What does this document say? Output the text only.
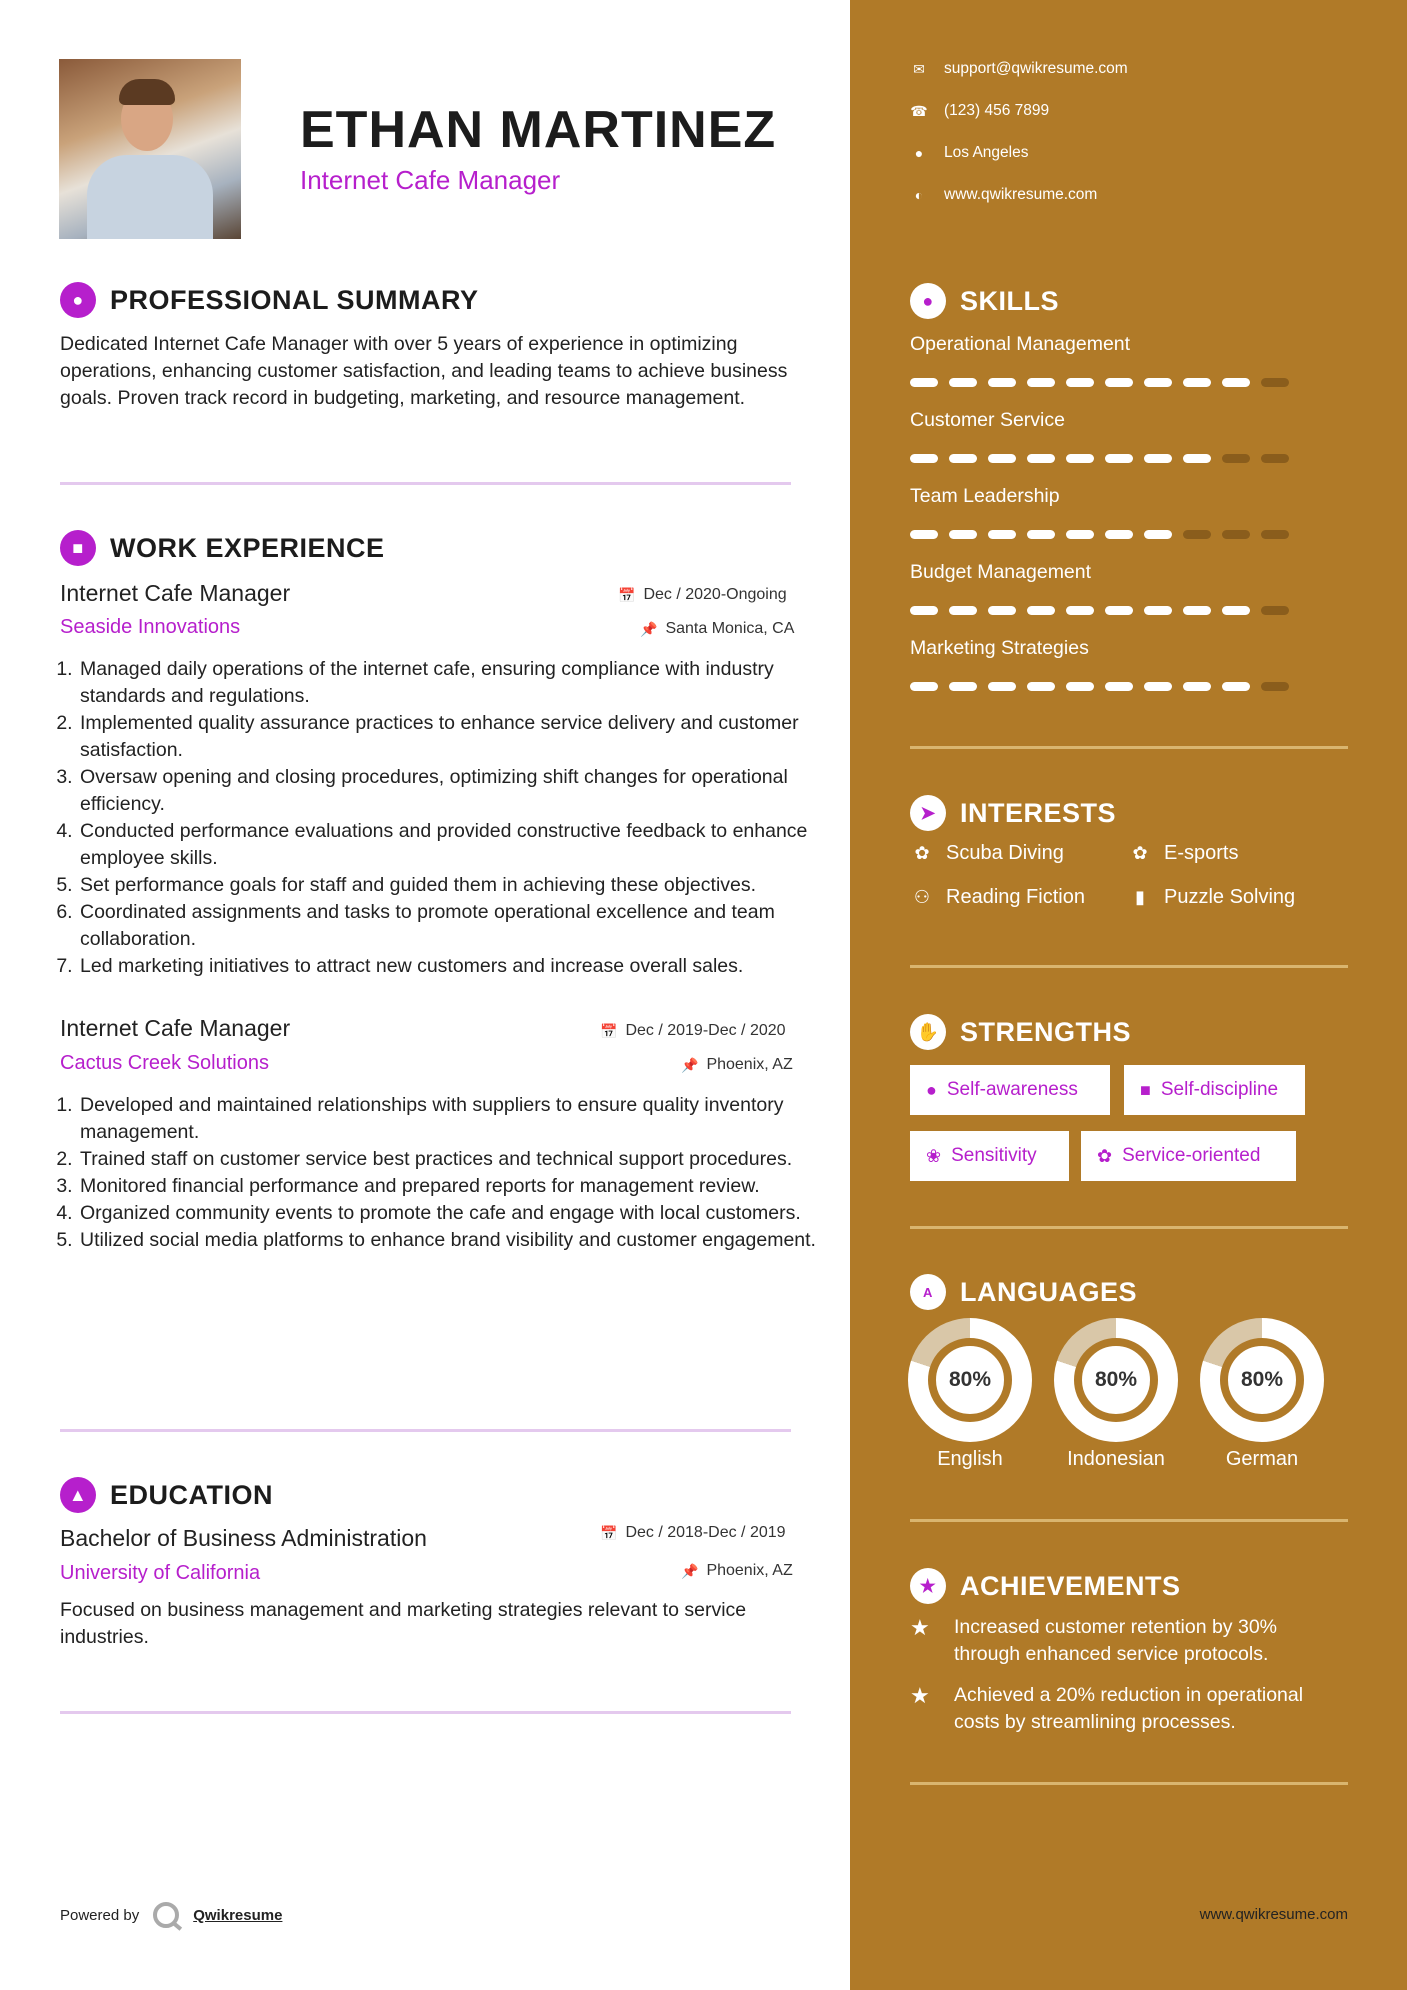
ETHAN MARTINEZ
Internet Cafe Manager
● PROFESSIONAL SUMMARY

Dedicated Internet Cafe Manager with over 5 years of experience in optimizing operations, enhancing customer satisfaction, and leading teams to achieve business goals. Proven track record in budgeting, marketing, and resource management.

■ WORK EXPERIENCE
Internet Cafe Manager	📅 Dec / 2020-Ongoing
Seaside Innovations	📌 Santa Monica, CA
1. Managed daily operations of the internet cafe, ensuring compliance with industry standards and regulations.
2. Implemented quality assurance practices to enhance service delivery and customer satisfaction.
3. Oversaw opening and closing procedures, optimizing shift changes for operational efficiency.
4. Conducted performance evaluations and provided constructive feedback to enhance employee skills.
5. Set performance goals for staff and guided them in achieving these objectives.
6. Coordinated assignments and tasks to promote operational excellence and team collaboration.
7. Led marketing initiatives to attract new customers and increase overall sales.
Internet Cafe Manager	📅 Dec / 2019-Dec / 2020
Cactus Creek Solutions	📌 Phoenix, AZ
1. Developed and maintained relationships with suppliers to ensure quality inventory management.
2. Trained staff on customer service best practices and technical support procedures.
3. Monitored financial performance and prepared reports for management review.
4. Organized community events to promote the cafe and engage with local customers.
5. Utilized social media platforms to enhance brand visibility and customer engagement.
▲ EDUCATION
Bachelor of Business Administration	📅 Dec / 2018-Dec / 2019
University of California	📌 Phoenix, AZ

Focused on business management and marketing strategies relevant to service industries.

Powered by	Qwikresume
✉ support@qwikresume.com
☎ (123) 456 7899
●	Los Angeles
◐	www.qwikresume.com
● SKILLS
Operational Management
Customer Service
Team Leadership
Budget Management
Marketing Strategies
➤ INTERESTS
✿ Scuba Diving	✿ E-sports
⚇ Reading Fiction	▮ Puzzle Solving
✋ STRENGTHS
● Self-awareness	■ Self-discipline
❀ Sensitivity	✿ Service-oriented
A	LANGUAGES
80%
English
80%
Indonesian
80%
German
★ ACHIEVEMENTS
★	Increased customer retention by 30% through enhanced service protocols.
★	Achieved a 20% reduction in operational costs by streamlining processes.
www.qwikresume.com
